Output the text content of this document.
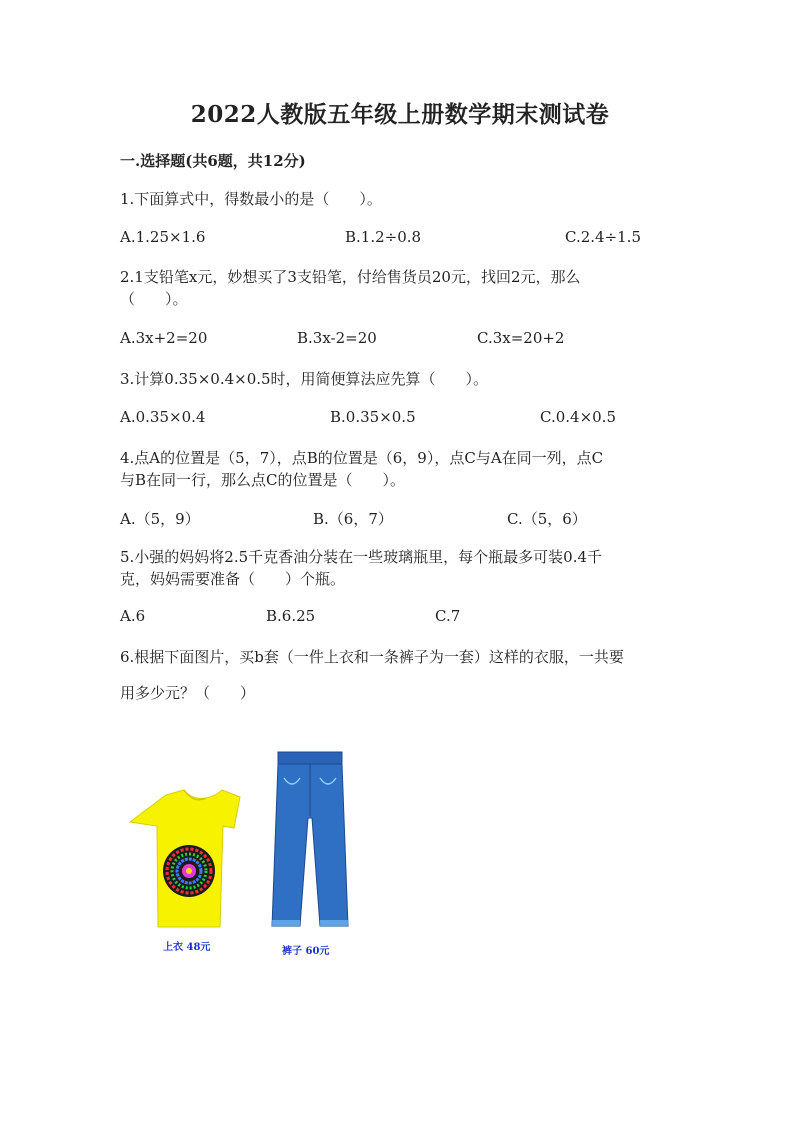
2022人教版五年级上册数学期末测试卷
一.选择题(共6题，共12分)
1.下面算式中，得数最小的是（　　）。
A.1.25×1.6	B.1.2÷0.8	C.2.4÷1.5
2.1支铅笔x元，妙想买了3支铅笔，付给售货员20元，找回2元，那么
（　　）。
A.3x+2=20	B.3x-2=20	C.3x=20+2
3.计算0.35×0.4×0.5时，用简便算法应先算（　　）。
A.0.35×0.4	B.0.35×0.5	C.0.4×0.5
4.点A的位置是（5，7），点B的位置是（6，9），点C与A在同一列，点C
与B在同一行，那么点C的位置是（　　）。
A.（5，9）	B.（6，7）	C.（5，6）
5.小强的妈妈将2.5千克香油分装在一些玻璃瓶里，每个瓶最多可装0.4千
克，妈妈需要准备（　　）个瓶。
A.6	B.6.25	C.7
6.根据下面图片，买b套（一件上衣和一条裤子为一套）这样的衣服，一共要
用多少元？（　　）
上衣 48元	裤子 60元
